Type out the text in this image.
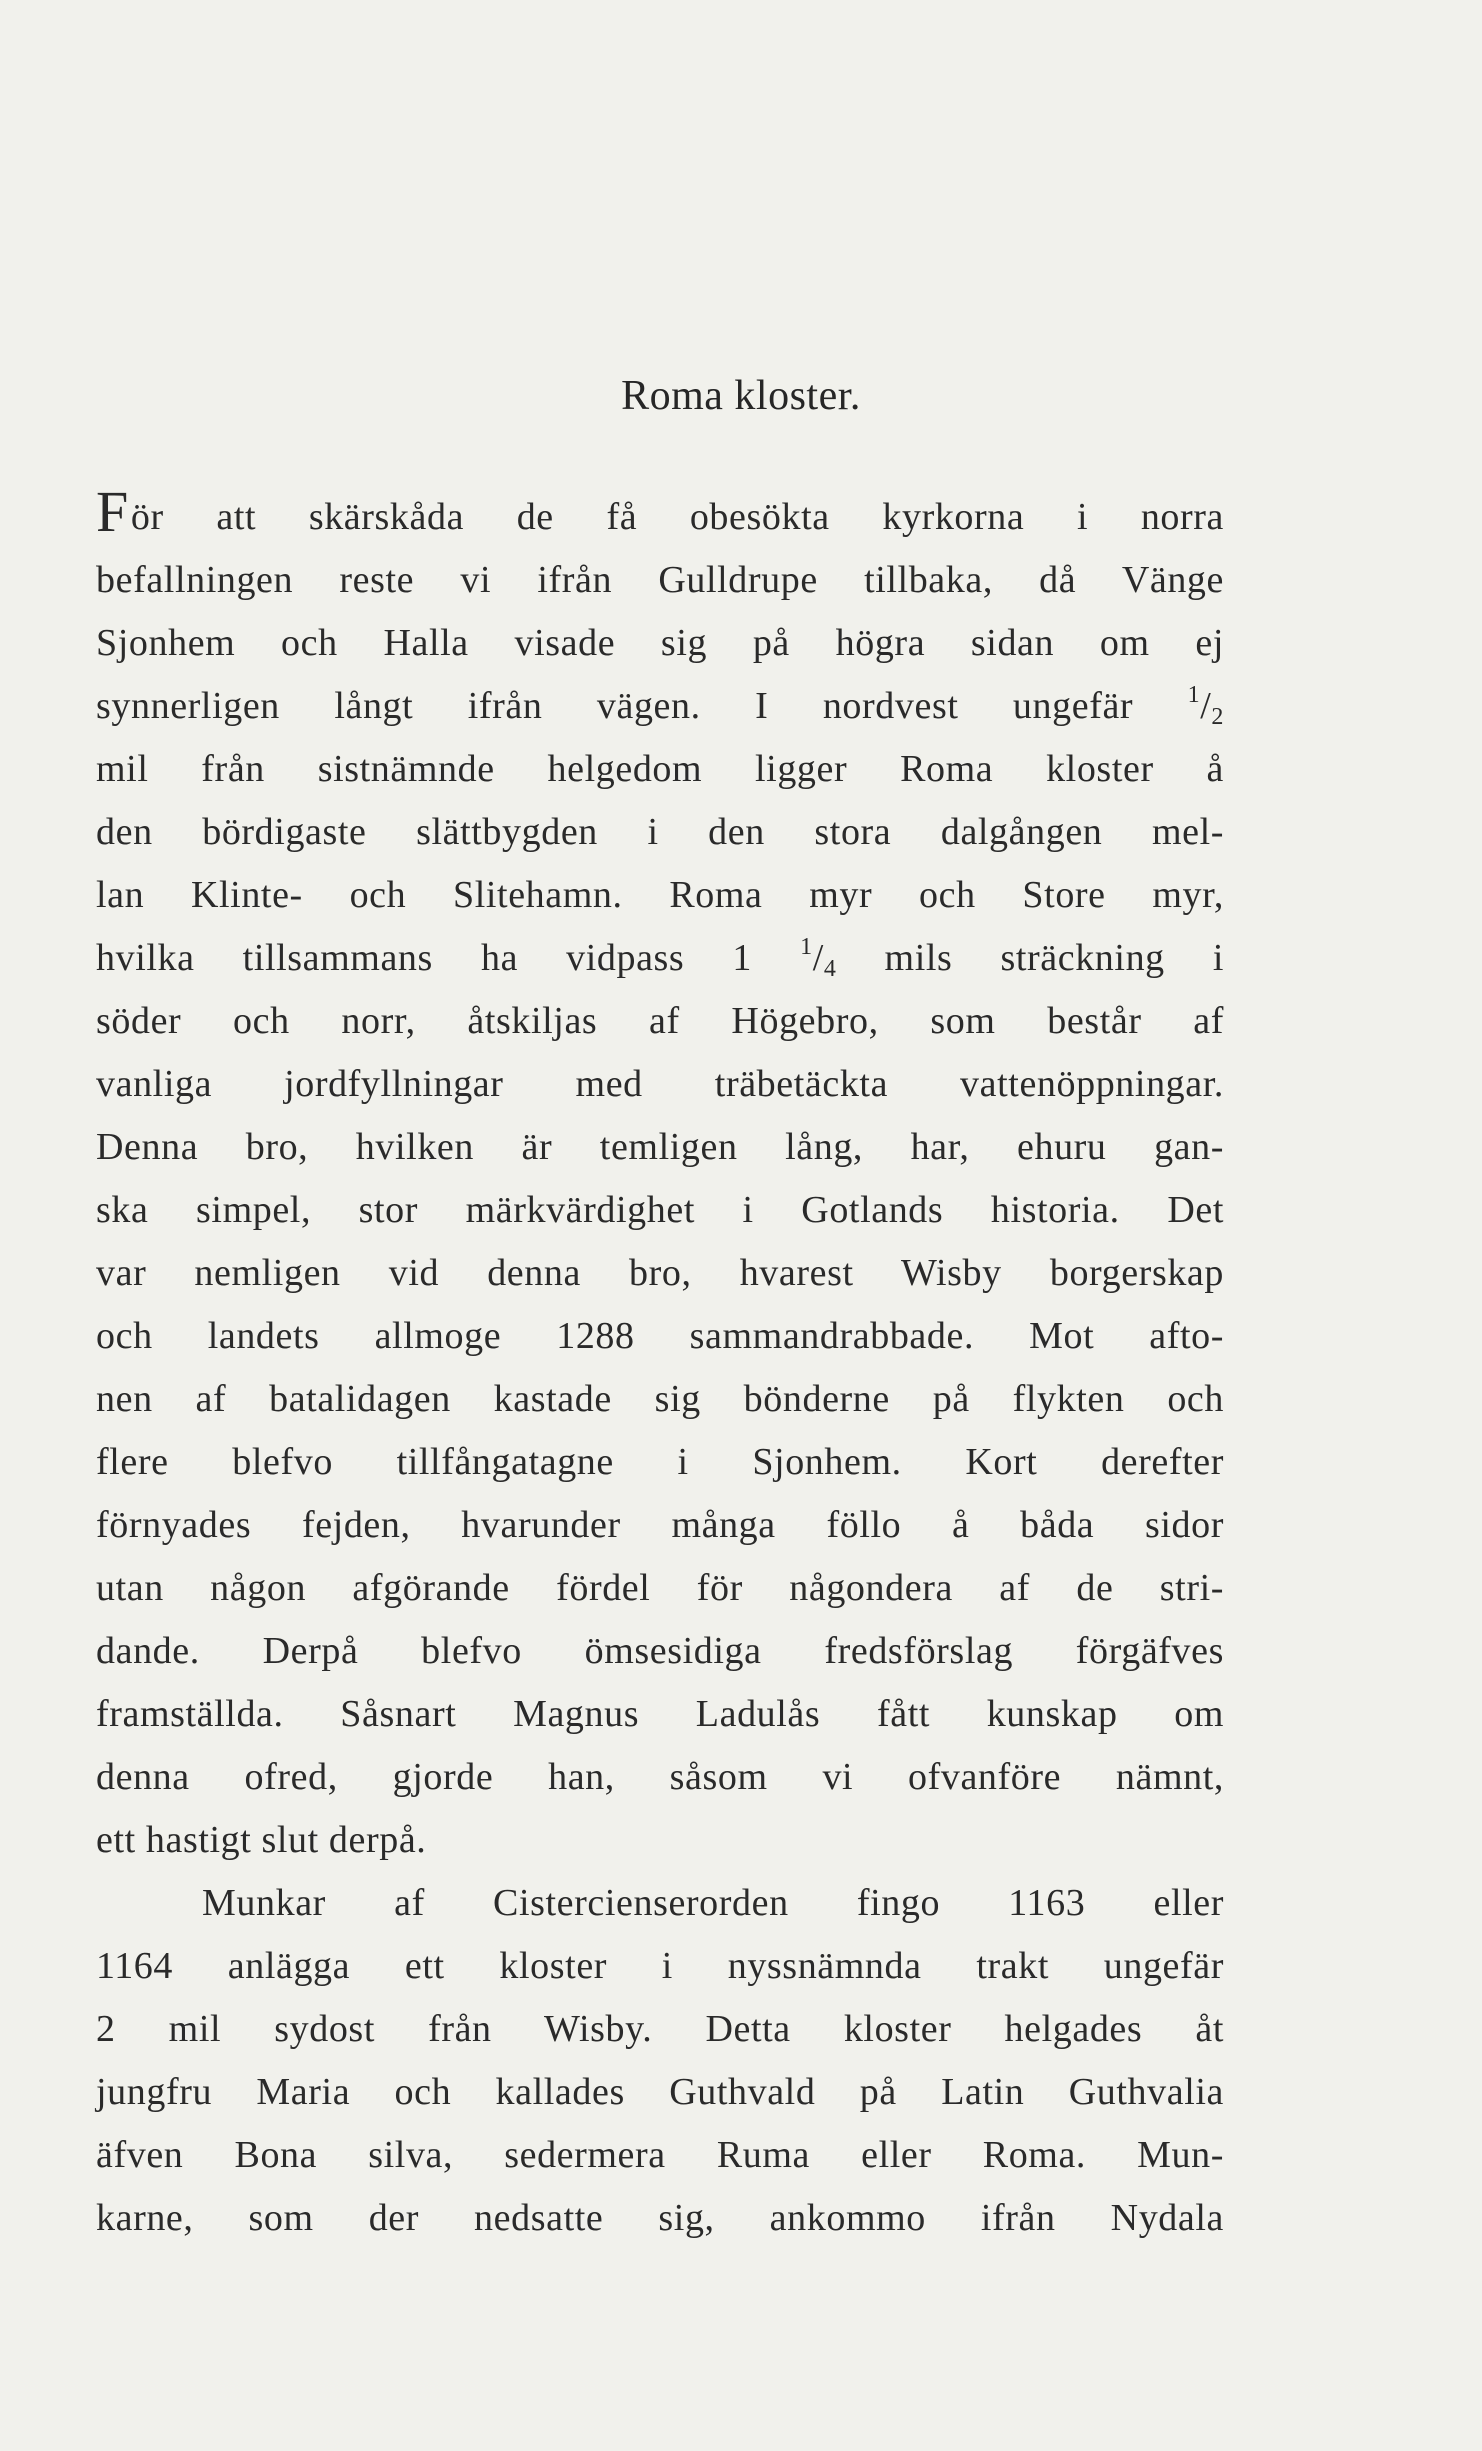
Roma kloster.
För att skärskåda de få obesökta kyrkorna i norra
befallningen reste vi ifrån Gulldrupe tillbaka, då Vänge
Sjonhem och Halla visade sig på högra sidan om ej
synnerligen långt ifrån vägen. I nordvest ungefär $^1/_2$
mil från sistnämnde helgedom ligger Roma kloster å
den bördigaste slättbygden i den stora dalgången mel-
lan Klinte- och Slitehamn. Roma myr och Store myr,
hvilka tillsammans ha vidpass 1 $^1/_4$ mils sträckning i
söder och norr, åtskiljas af Högebro, som består af
vanliga jordfyllningar med träbetäckta vattenöppningar.
Denna bro, hvilken är temligen lång, har, ehuru gan-
ska simpel, stor märkvärdighet i Gotlands historia. Det
var nemligen vid denna bro, hvarest Wisby borgerskap
och landets allmoge 1288 sammandrabbade. Mot afto-
nen af batalidagen kastade sig bönderne på flykten och
flere blefvo tillfångatagne i Sjonhem. Kort derefter
förnyades fejden, hvarunder många föllo å båda sidor
utan någon afgörande fördel för någondera af de stri-
dande. Derpå blefvo ömsesidiga fredsförslag förgäfves
framställda. Såsnart Magnus Ladulås fått kunskap om
denna ofred, gjorde han, såsom vi ofvanföre nämnt,
ett hastigt slut derpå.
Munkar af Cistercienserorden fingo 1163 eller
1164 anlägga ett kloster i nyssnämnda trakt ungefär
2 mil sydost från Wisby. Detta kloster helgades åt
jungfru Maria och kallades Guthvald på Latin Guthvalia
äfven Bona silva, sedermera Ruma eller Roma. Mun-
karne, som der nedsatte sig, ankommo ifrån Nydala
